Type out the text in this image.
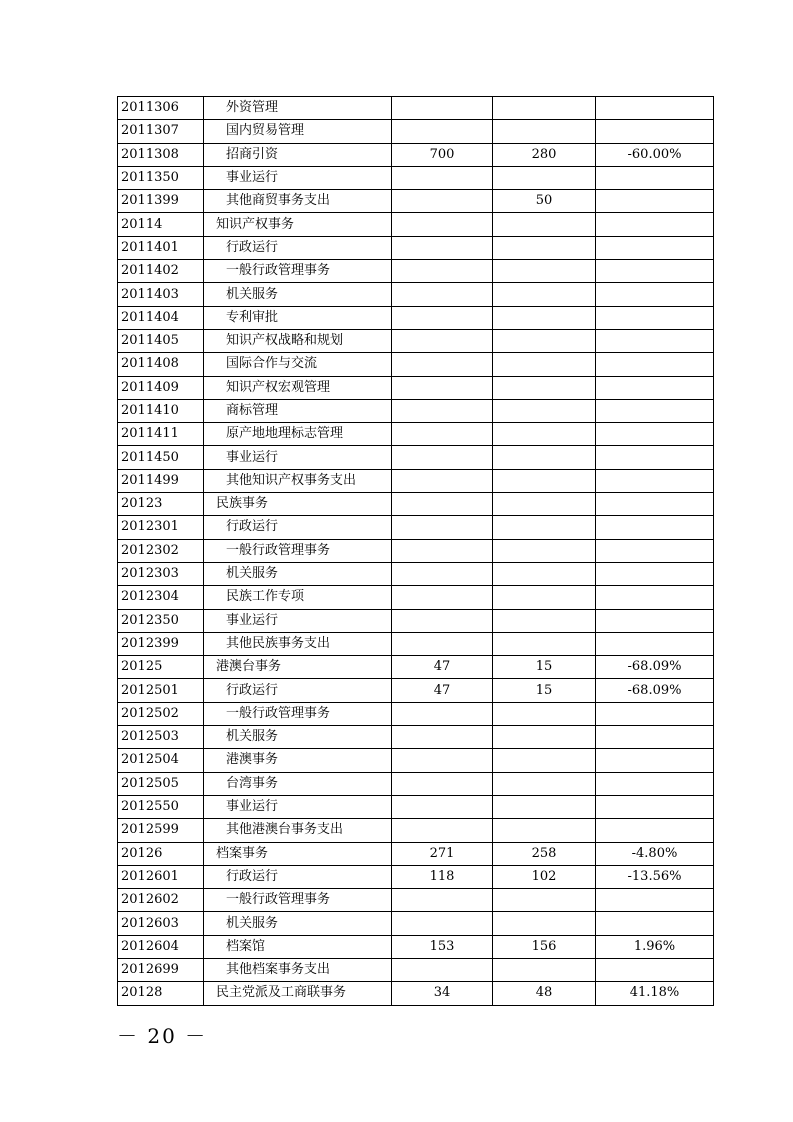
2011306	外资管理			
2011307	国内贸易管理			
2011308	招商引资	700	280	-60.00%
2011350	事业运行			
2011399	其他商贸事务支出		50	
20114	知识产权事务			
2011401	行政运行			
2011402	一般行政管理事务			
2011403	机关服务			
2011404	专利审批			
2011405	知识产权战略和规划			
2011408	国际合作与交流			
2011409	知识产权宏观管理			
2011410	商标管理			
2011411	原产地地理标志管理			
2011450	事业运行			
2011499	其他知识产权事务支出			
20123	民族事务			
2012301	行政运行			
2012302	一般行政管理事务			
2012303	机关服务			
2012304	民族工作专项			
2012350	事业运行			
2012399	其他民族事务支出			
20125	港澳台事务	47	15	-68.09%
2012501	行政运行	47	15	-68.09%
2012502	一般行政管理事务			
2012503	机关服务			
2012504	港澳事务			
2012505	台湾事务			
2012550	事业运行			
2012599	其他港澳台事务支出			
20126	档案事务	271	258	-4.80%
2012601	行政运行	118	102	-13.56%
2012602	一般行政管理事务			
2012603	机关服务			
2012604	档案馆	153	156	1.96%
2012699	其他档案事务支出			
20128	民主党派及工商联事务	34	48	41.18%
－ 20 －
